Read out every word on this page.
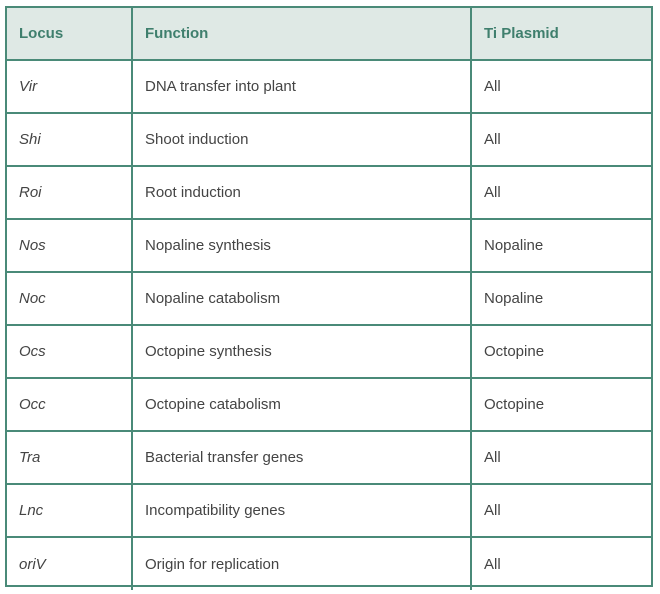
Locus	Function	Ti Plasmid
Vir	DNA transfer into plant	All
Shi	Shoot induction	All
Roi	Root induction	All
Nos	Nopaline synthesis	Nopaline
Noc	Nopaline catabolism	Nopaline
Ocs	Octopine synthesis	Octopine
Occ	Octopine catabolism	Octopine
Tra	Bacterial transfer genes	All
Lnc	Incompatibility genes	All
oriV	Origin for replication	All
